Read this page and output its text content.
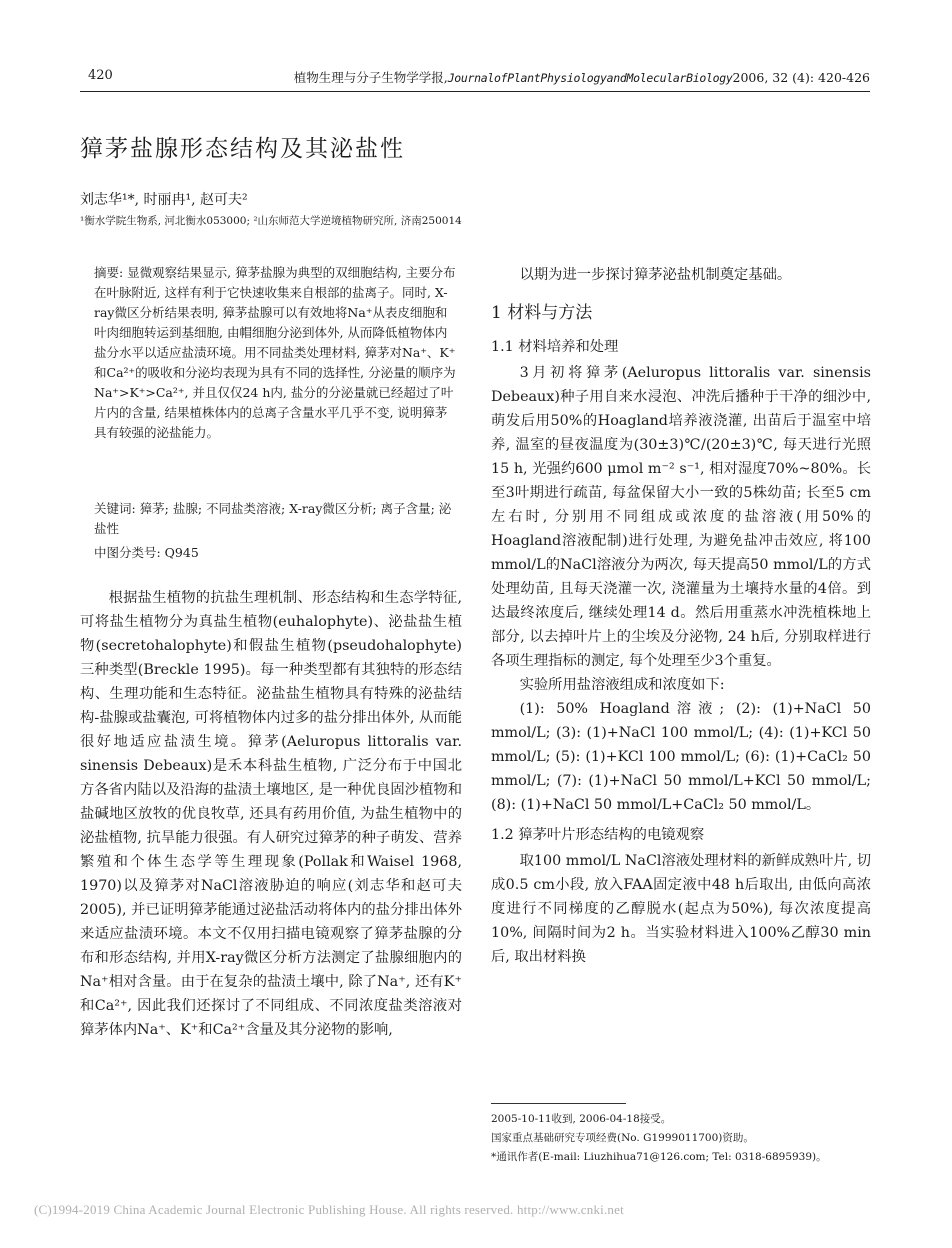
420	植物生理与分子生物学学报,JournalofPlantPhysiologyandMolecularBiology2006, 32 (4): 420-426
獐茅盐腺形态结构及其泌盐性
刘志华¹*, 时丽冉¹, 赵可夫²
¹衡水学院生物系, 河北衡水053000; ²山东师范大学逆境植物研究所, 济南250014
摘要: 显微观察结果显示, 獐茅盐腺为典型的双细胞结构, 主要分布在叶脉附近, 这样有利于它快速收集来自根部的盐离子。同时, X-ray微区分析结果表明, 獐茅盐腺可以有效地将Na⁺从表皮细胞和叶肉细胞转运到基细胞, 由帽细胞分泌到体外, 从而降低植物体内盐分水平以适应盐渍环境。用不同盐类处理材料, 獐茅对Na⁺、K⁺和Ca²⁺的吸收和分泌均表现为具有不同的选择性, 分泌量的顺序为Na⁺>K⁺>Ca²⁺, 并且仅仅24 h内, 盐分的分泌量就已经超过了叶片内的含量, 结果植株体内的总离子含量水平几乎不变, 说明獐茅具有较强的泌盐能力。
关键词: 獐茅; 盐腺; 不同盐类溶液; X-ray微区分析; 离子含量; 泌盐性
中图分类号: Q945

根据盐生植物的抗盐生理机制、形态结构和生态学特征, 可将盐生植物分为真盐生植物(euhalophyte)、泌盐盐生植物(secretohalophyte)和假盐生植物(pseudohalophyte)三种类型(Breckle 1995)。每一种类型都有其独特的形态结构、生理功能和生态特征。泌盐盐生植物具有特殊的泌盐结构-盐腺或盐囊泡, 可将植物体内过多的盐分排出体外, 从而能很好地适应盐渍生境。獐茅(Aeluropus littoralis var. sinensis Debeaux)是禾本科盐生植物, 广泛分布于中国北方各省内陆以及沿海的盐渍土壤地区, 是一种优良固沙植物和盐碱地区放牧的优良牧草, 还具有药用价值, 为盐生植物中的泌盐植物, 抗旱能力很强。有人研究过獐茅的种子萌发、营养繁殖和个体生态学等生理现象(Pollak和Waisel 1968, 1970)以及獐茅对NaCl溶液胁迫的响应(刘志华和赵可夫2005), 并已证明獐茅能通过泌盐活动将体内的盐分排出体外来适应盐渍环境。本文不仅用扫描电镜观察了獐茅盐腺的分布和形态结构, 并用X-ray微区分析方法测定了盐腺细胞内的Na⁺相对含量。由于在复杂的盐渍土壤中, 除了Na⁺, 还有K⁺和Ca²⁺, 因此我们还探讨了不同组成、不同浓度盐类溶液对獐茅体内Na⁺、K⁺和Ca²⁺含量及其分泌物的影响,

以期为进一步探讨獐茅泌盐机制奠定基础。

1 材料与方法
1.1 材料培养和处理

3月初将獐茅(Aeluropus littoralis var. sinensis Debeaux)种子用自来水浸泡、冲洗后播种于干净的细沙中, 萌发后用50%的Hoagland培养液浇灌, 出苗后于温室中培养, 温室的昼夜温度为(30±3)℃/(20±3)℃, 每天进行光照15 h, 光强约600 μmol m⁻² s⁻¹, 相对湿度70%~80%。长至3叶期进行疏苗, 每盆保留大小一致的5株幼苗; 长至5 cm左右时, 分别用不同组成或浓度的盐溶液(用50%的Hoagland溶液配制)进行处理, 为避免盐冲击效应, 将100 mmol/L的NaCl溶液分为两次, 每天提高50 mmol/L的方式处理幼苗, 且每天浇灌一次, 浇灌量为土壤持水量的4倍。到达最终浓度后, 继续处理14 d。然后用重蒸水冲洗植株地上部分, 以去掉叶片上的尘埃及分泌物, 24 h后, 分别取样进行各项生理指标的测定, 每个处理至少3个重复。

实验所用盐溶液组成和浓度如下:

(1): 50% Hoagland溶液; (2): (1)+NaCl 50 mmol/L; (3): (1)+NaCl 100 mmol/L; (4): (1)+KCl 50 mmol/L; (5): (1)+KCl 100 mmol/L; (6): (1)+CaCl₂ 50 mmol/L; (7): (1)+NaCl 50 mmol/L+KCl 50 mmol/L; (8): (1)+NaCl 50 mmol/L+CaCl₂ 50 mmol/L。

1.2 獐茅叶片形态结构的电镜观察

取100 mmol/L NaCl溶液处理材料的新鲜成熟叶片, 切成0.5 cm小段, 放入FAA固定液中48 h后取出, 由低向高浓度进行不同梯度的乙醇脱水(起点为50%), 每次浓度提高10%, 间隔时间为2 h。当实验材料进入100%乙醇30 min后, 取出材料换

2005-10-11收到, 2006-04-18接受。
国家重点基础研究专项经费(No. G1999011700)资助。
*通讯作者(E-mail: Liuzhihua71@126.com; Tel: 0318-6895939)。
(C)1994-2019 China Academic Journal Electronic Publishing House. All rights reserved. http://www.cnki.net
